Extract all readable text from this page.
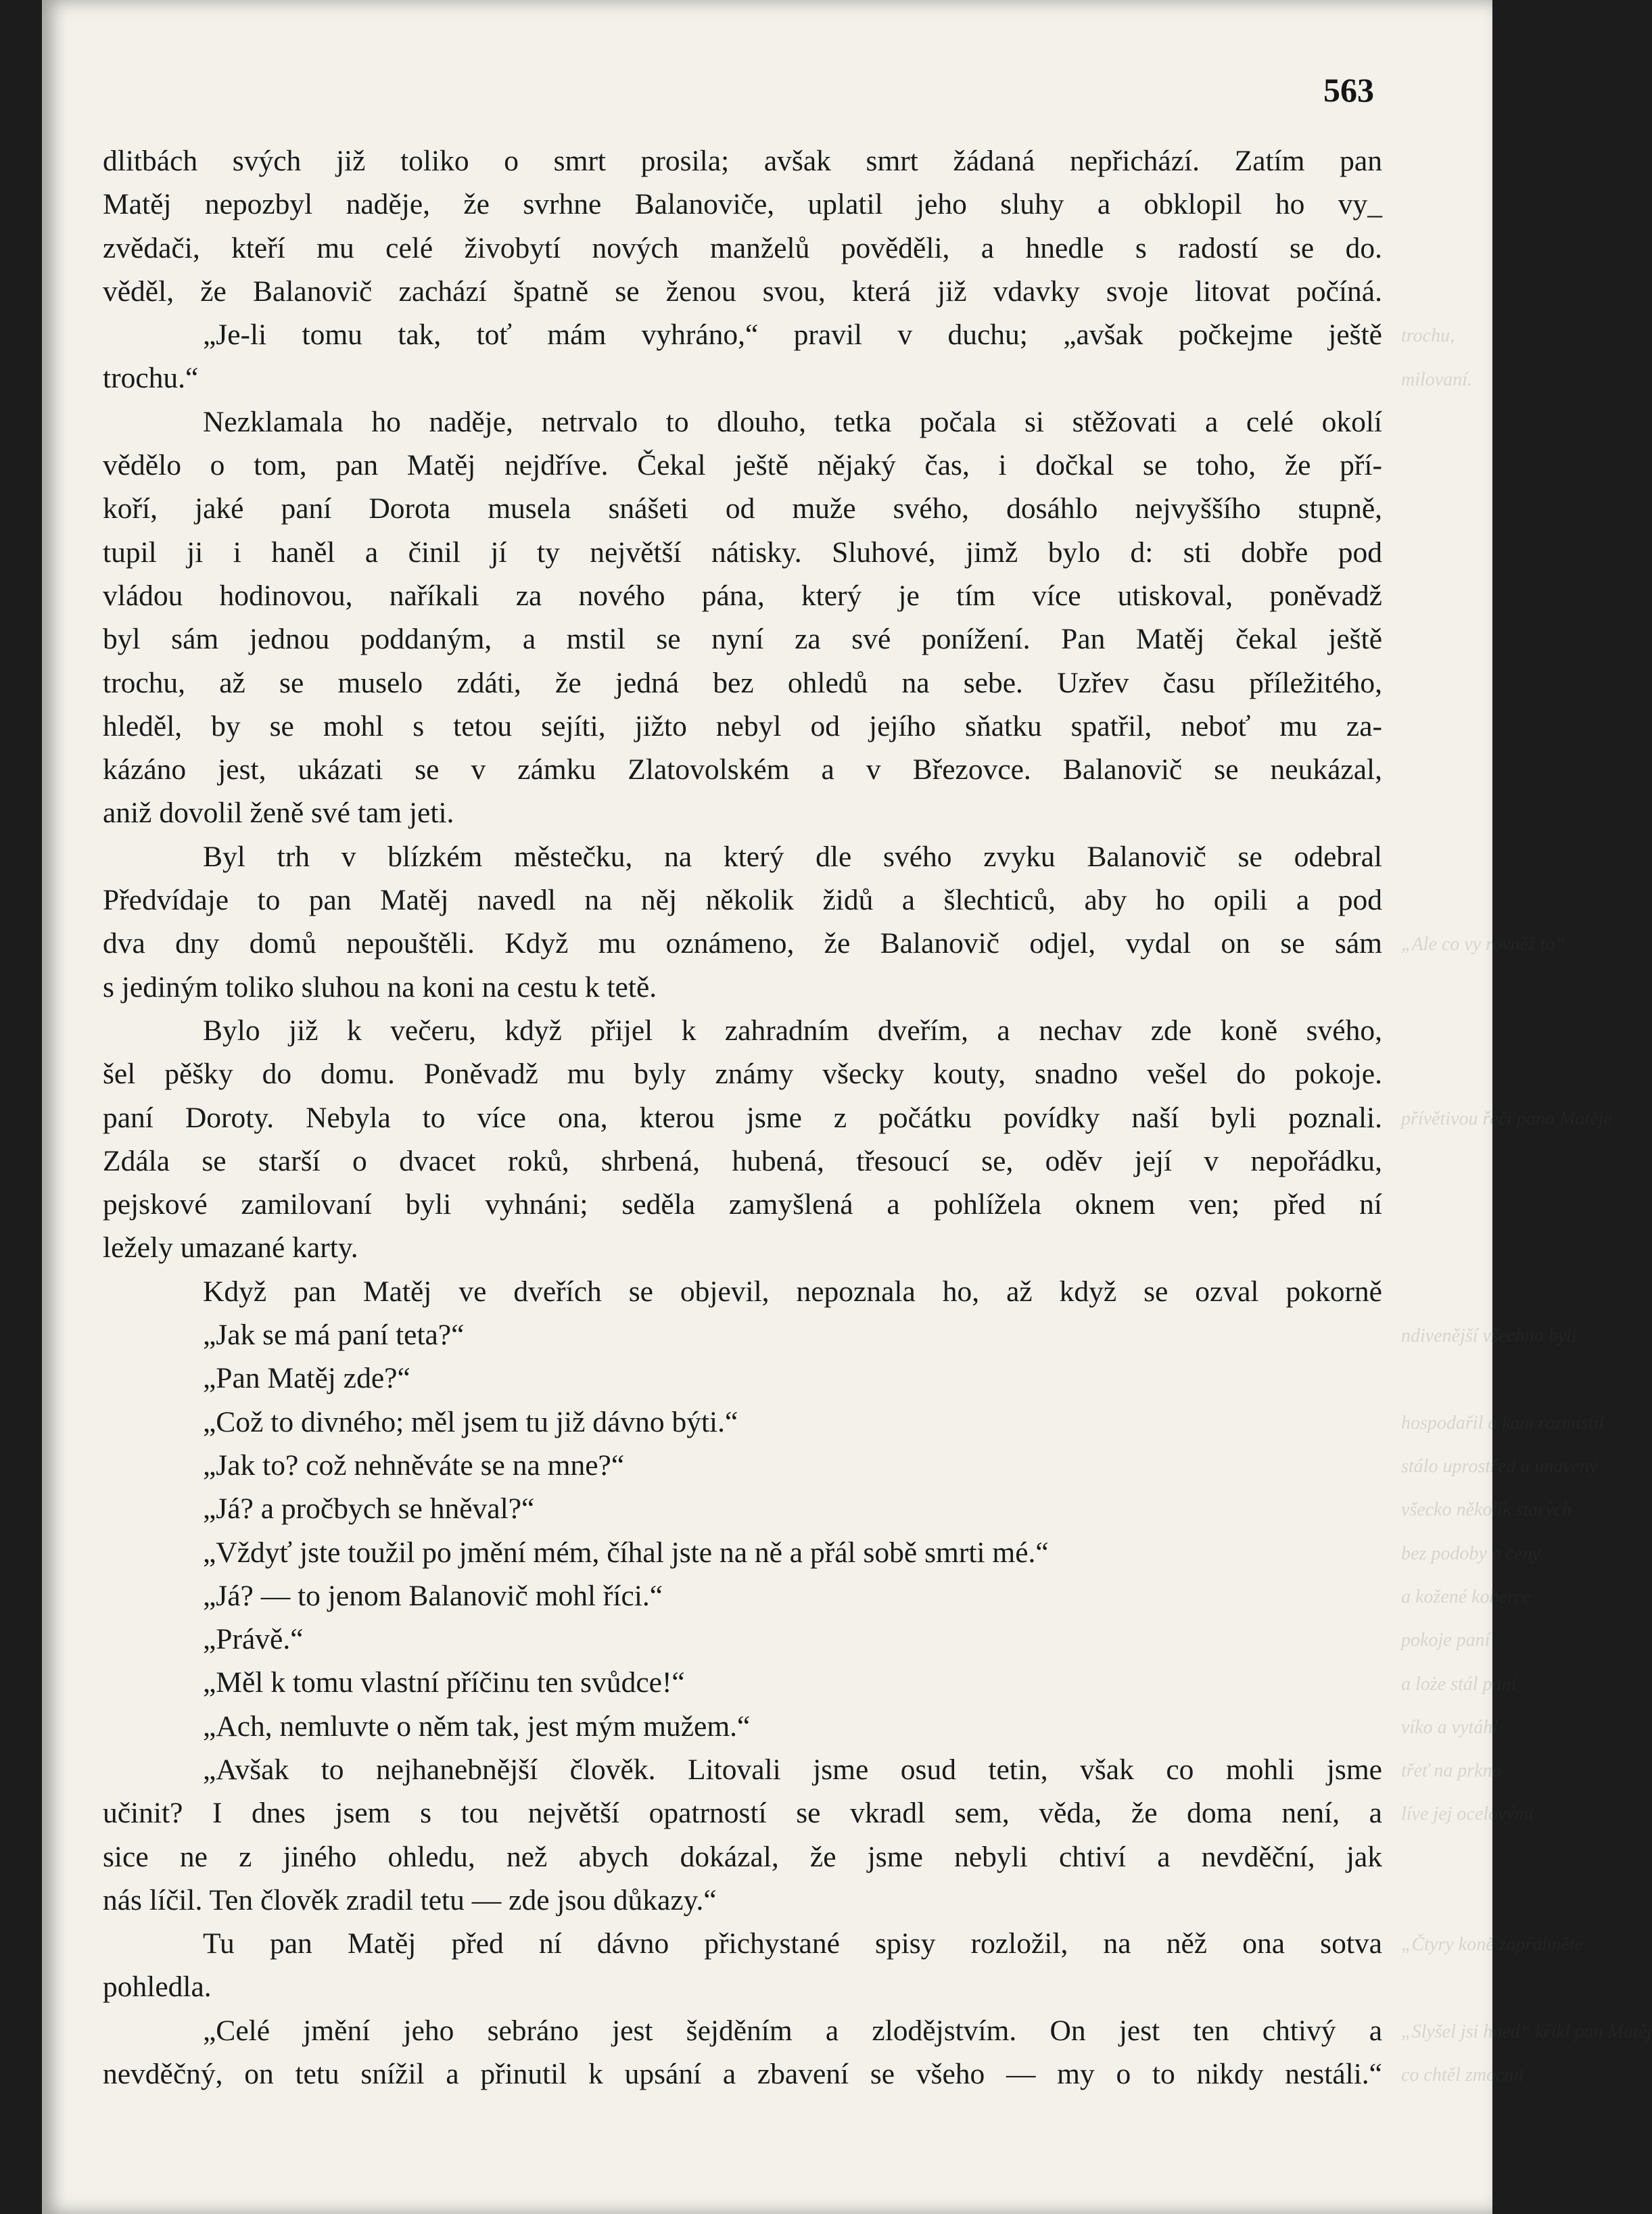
563
dlitbách svých již toliko o smrt prosila; avšak smrt žádaná nepřichází. Zatím pan
Matěj nepozbyl naděje, že svrhne Balanoviče, uplatil jeho sluhy a obklopil ho vy_
zvědači, kteří mu celé živobytí nových manželů pověděli, a hnedle s radostí se do.
věděl, že Balanovič zachází špatně se ženou svou, která již vdavky svoje litovat počíná.
„Je-li tomu tak, toť mám vyhráno,“ pravil v duchu; „avšak počkejme ještě
trochu.“
Nezklamala ho naděje, netrvalo to dlouho, tetka počala si stěžovati a celé okolí
vědělo o tom, pan Matěj nejdříve. Čekal ještě nějaký čas, i dočkal se toho, že pří-
koří, jaké paní Dorota musela snášeti od muže svého, dosáhlo nejvyššího stupně,
tupil ji i haněl a činil jí ty největší nátisky. Sluhové, jimž bylo d: sti dobře pod
vládou hodinovou, naříkali za nového pána, který je tím více utiskoval, poněvadž
byl sám jednou poddaným, a mstil se nyní za své ponížení. Pan Matěj čekal ještě
trochu, až se muselo zdáti, že jedná bez ohledů na sebe. Uzřev času příležitého,
hleděl, by se mohl s tetou sejíti, jižto nebyl od jejího sňatku spatřil, neboť mu za-
kázáno jest, ukázati se v zámku Zlatovolském a v Březovce. Balanovič se neukázal,
aniž dovolil ženě své tam jeti.
Byl trh v blízkém městečku, na který dle svého zvyku Balanovič se odebral
Předvídaje to pan Matěj navedl na něj několik židů a šlechticů, aby ho opili a pod
dva dny domů nepouštěli. Když mu oznámeno, že Balanovič odjel, vydal on se sám
s jediným toliko sluhou na koni na cestu k tetě.
Bylo již k večeru, když přijel k zahradním dveřím, a nechav zde koně svého,
šel pěšky do domu. Poněvadž mu byly známy všecky kouty, snadno vešel do pokoje.
paní Doroty. Nebyla to více ona, kterou jsme z počátku povídky naší byli poznali.
Zdála se starší o dvacet roků, shrbená, hubená, třesoucí se, oděv její v nepořádku,
pejskové zamilovaní byli vyhnáni; seděla zamyšlená a pohlížela oknem ven; před ní
ležely umazané karty.
Když pan Matěj ve dveřích se objevil, nepoznala ho, až když se ozval pokorně
„Jak se má paní teta?“
„Pan Matěj zde?“
„Což to divného; měl jsem tu již dávno býti.“
„Jak to? což nehněváte se na mne?“
„Já? a pročbych se hněval?“
„Vždyť jste toužil po jmění mém, číhal jste na ně a přál sobě smrti mé.“
„Já? — to jenom Balanovič mohl říci.“
„Právě.“
„Měl k tomu vlastní příčinu ten svůdce!“
„Ach, nemluvte o něm tak, jest mým mužem.“
„Avšak to nejhanebnější člověk. Litovali jsme osud tetin, však co mohli jsme
učinit? I dnes jsem s tou největší opatrností se vkradl sem, věda, že doma není, a
sice ne z jiného ohledu, než abych dokázal, že jsme nebyli chtiví a nevděční, jak
nás líčil. Ten člověk zradil tetu — zde jsou důkazy.“
Tu pan Matěj před ní dávno přichystané spisy rozložil, na něž ona sotva
pohledla.
„Celé jmění jeho sebráno jest šejděním a zlodějstvím. On jest ten chtivý a
nevděčný, on tetu snížil a přinutil k upsání a zbavení se všeho — my o to nikdy nestáli.“
trochu,
milovaní.
„Ale co vy rovněž to“
přívětivou řečí pana Matěje
ndivenější všechno byli
hospodařil a kam rozmístil
stálo uprostřed a unavený
všecko několik starých
bez podoby a ceny
a kožené koberce
pokoje paní
a loże stál paní
víko a vytáhl
třeť na prkna
líve jej ocelovými
„Čtyry koně zapřáhněte
„Slyšel jsi hned“ křikl pan Matěj
co chtěl zmocnit
